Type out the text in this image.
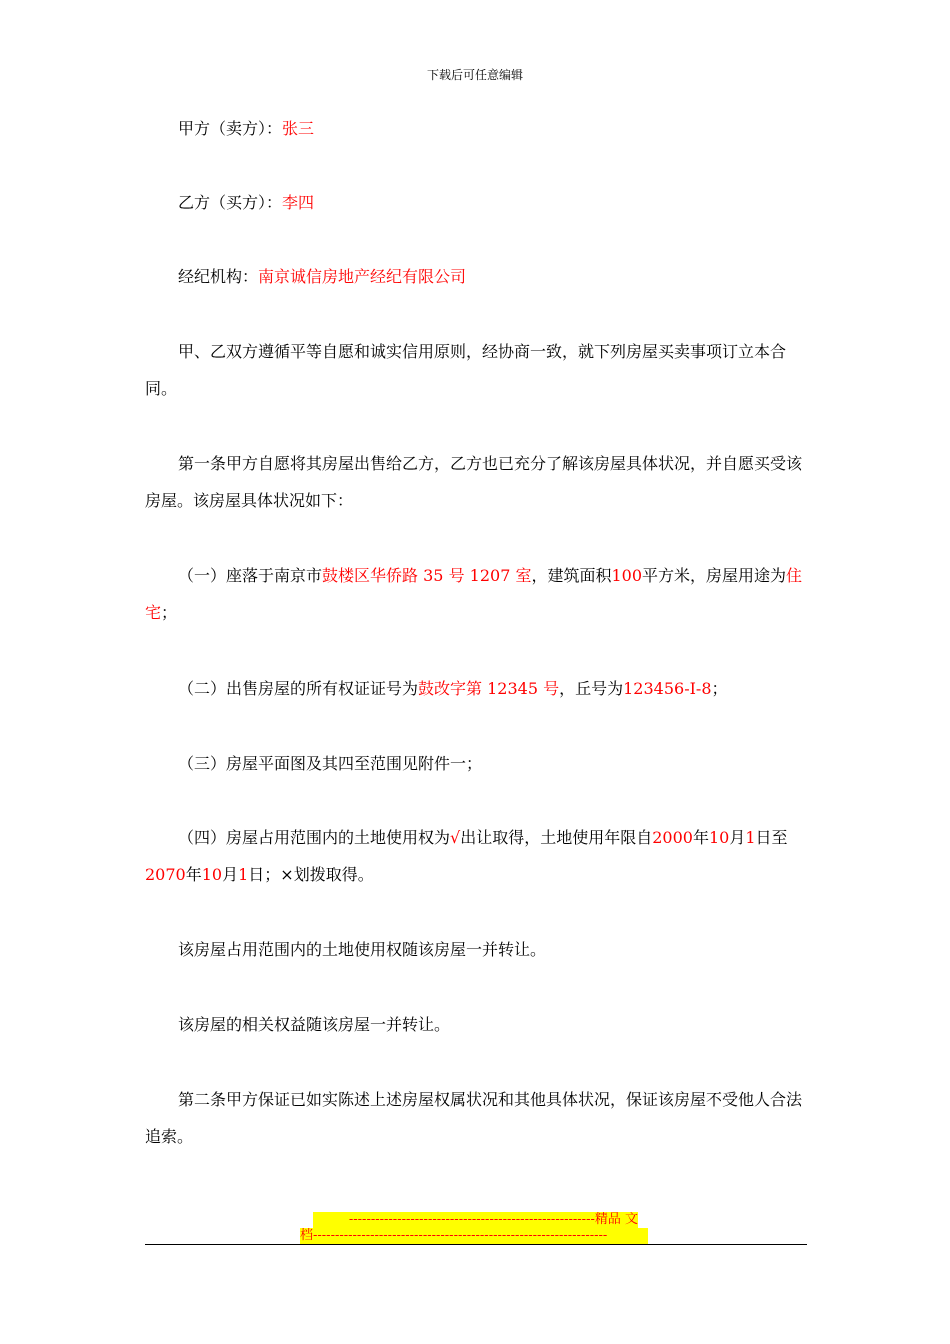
下载后可任意编辑
甲方（卖方）：张三
乙方（买方）：李四
经纪机构：南京诚信房地产经纪有限公司
甲、乙双方遵循平等自愿和诚实信用原则，经协商一致，就下列房屋买卖事项订立本合同。
第一条甲方自愿将其房屋出售给乙方，乙方也已充分了解该房屋具体状况，并自愿买受该房屋。该房屋具体状况如下：
（一）座落于南京市鼓楼区华侨路 35 号 1207 室，建筑面积100平方米，房屋用途为住宅；
（二）出售房屋的所有权证证号为鼓改字第 12345 号，丘号为123456-I-8；
（三）房屋平面图及其四至范围见附件一；
（四）房屋占用范围内的土地使用权为√出让取得，土地使用年限自2000年10月1日至2070年10月1日；×划拨取得。
该房屋占用范围内的土地使用权随该房屋一并转让。
该房屋的相关权益随该房屋一并转让。
第二条甲方保证已如实陈述上述房屋权属状况和其他具体状况，保证该房屋不受他人合法追索。
--------------------------------------------------------精品 文
档-------------------------------------------------------------------
